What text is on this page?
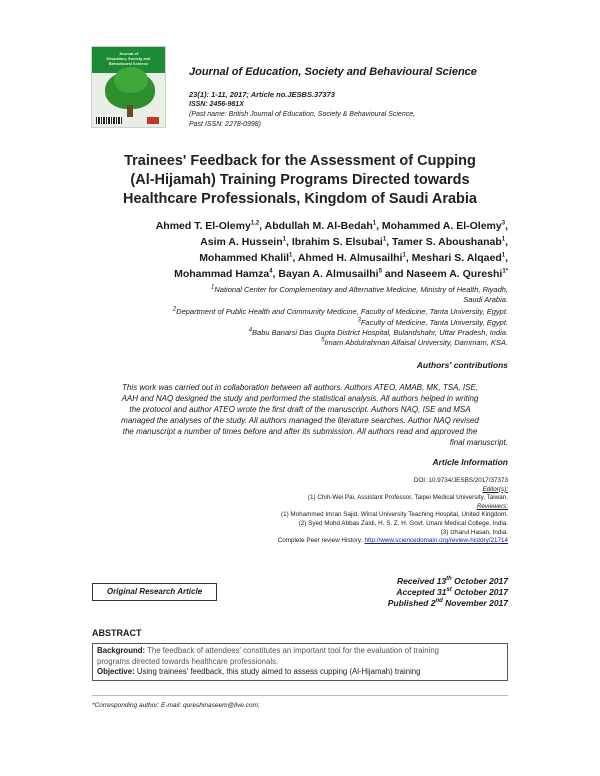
Journal of
Education, Society and
Behavioural Science
Journal of Education, Society and Behavioural Science
23(1): 1-11, 2017; Article no.JESBS.37373
ISSN: 2456-981X
(Past name: British Journal of Education, Society & Behavioural Science,
Past ISSN: 2278-0998)
Trainees' Feedback for the Assessment of Cupping
(Al-Hijamah) Training Programs Directed towards
Healthcare Professionals, Kingdom of Saudi Arabia
Ahmed T. El-Olemy$^{1,2}$, Abdullah M. Al-Bedah$^1$, Mohammed A. El-Olemy$^3$,
Asim A. Hussein$^1$, Ibrahim S. Elsubai$^1$, Tamer S. Aboushanab$^1$,
Mohammed Khalil$^1$, Ahmed H. Almusailhi$^1$, Meshari S. Alqaed$^1$,
Mohammad Hamza$^4$, Bayan A. Almusailhi$^5$ and Naseem A. Qureshi$^{1*}$
$^1$National Center for Complementary and Alternative Medicine, Ministry of Health, Riyadh,
Saudi Arabia.
$^2$Department of Public Health and Community Medicine, Faculty of Medicine, Tanta University, Egypt.
$^3$Faculty of Medicine, Tanta University, Egypt.
$^4$Babu Banarsi Das Gupta District Hospital, Bulandshahr, Uttar Pradesh, India.
$^5$Imam Abdulrahman Alfaisal University, Dammam, KSA.
Authors' contributions
This work was carried out in collaboration between all authors. Authors ATEO, AMAB, MK, TSA, ISE,
AAH and NAQ designed the study and performed the statistical analysis. All authors helped in writing
the protocol and author ATEO wrote the first draft of the manuscript. Authors NAQ, ISE and MSA
managed the analyses of the study. All authors managed the literature searches. Author NAQ revised
the manuscript a number of times before and after its submission. All authors read and approved the
final manuscript.
Article Information
DOI: 10.9734/JESBS/2017/37373
Editor(s):
(1) Chih-Wei Pai, Assistant Professor, Taipei Medical University, Taiwan.
Reviewers:
(1) Mohammed Imran Sajid, Wirral University Teaching Hospital, United Kingdom.
(2) Syed Mohd Abbas Zaidi, H. S. Z. H. Govt. Unani Medical College, India.
(3) Izharul Hasan, India.
Complete Peer review History: http://www.sciencedomain.org/review-history/21714
Original Research Article
Received 13th October 2017
Accepted 31st October 2017
Published 2nd November 2017
ABSTRACT
Background: The feedback of attendees' constitutes an important tool for the evaluation of training
programs directed towards healthcare professionals.
Objective: Using trainees' feedback, this study aimed to assess cupping (Al-Hijamah) training
*Corresponding author: E-mail: qureshinaseem@live.com;
